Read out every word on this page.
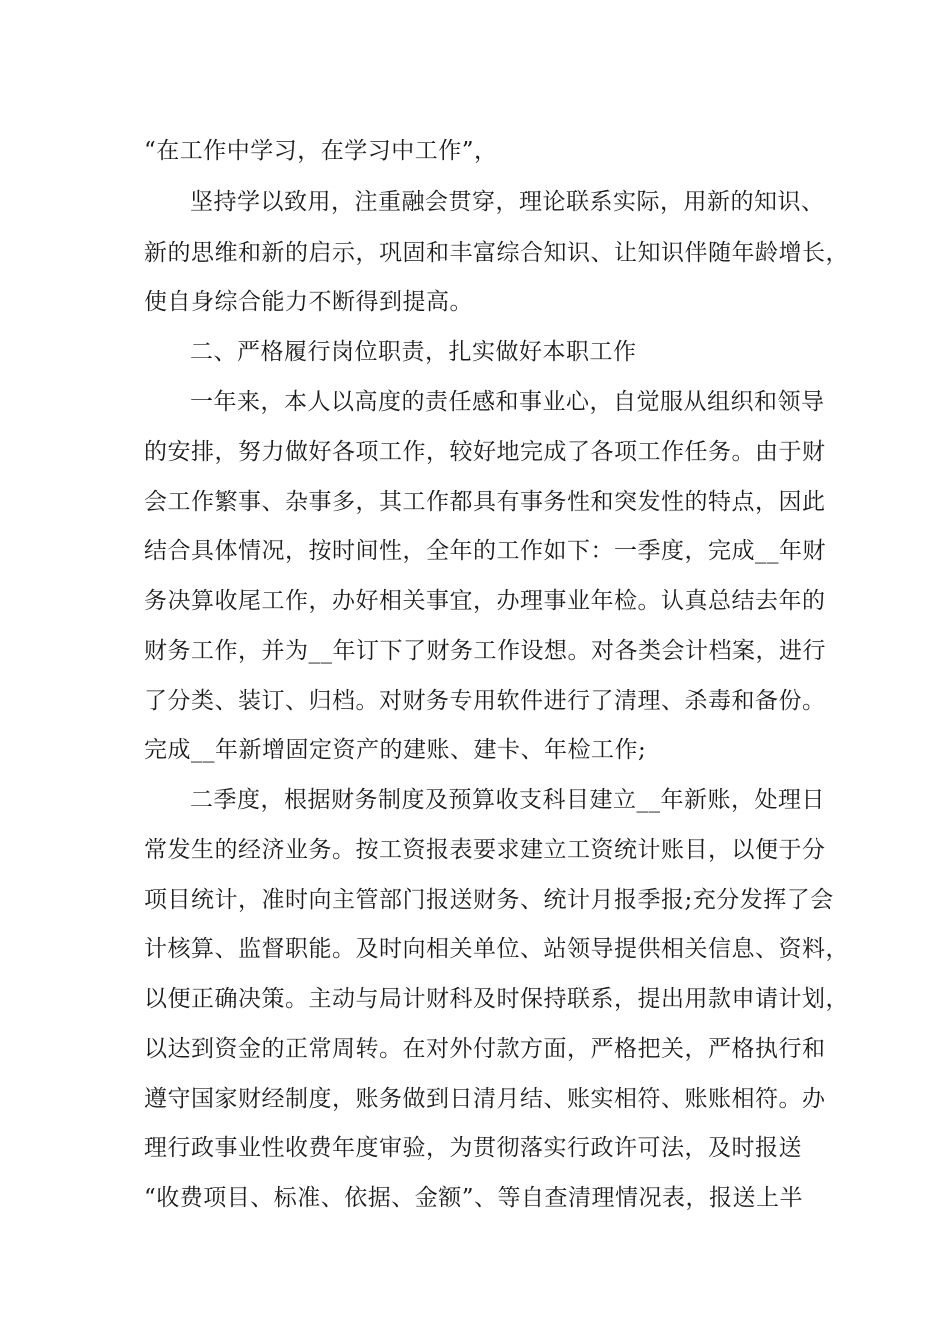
“在工作中学习，在学习中工作”，

坚持学以致用，注重融会贯穿，理论联系实际，用新的知识、

新的思维和新的启示，巩固和丰富综合知识、让知识伴随年龄增长，

使自身综合能力不断得到提高。

二、严格履行岗位职责，扎实做好本职工作

一年来，本人以高度的责任感和事业心，自觉服从组织和领导

的安排，努力做好各项工作，较好地完成了各项工作任务。由于财

会工作繁事、杂事多，其工作都具有事务性和突发性的特点，因此

结合具体情况，按时间性，全年的工作如下：一季度，完成__年财

务决算收尾工作，办好相关事宜，办理事业年检。认真总结去年的

财务工作，并为__年订下了财务工作设想。对各类会计档案，进行

了分类、装订、归档。对财务专用软件进行了清理、杀毒和备份。

完成__年新增固定资产的建账、建卡、年检工作;

二季度，根据财务制度及预算收支科目建立__年新账，处理日

常发生的经济业务。按工资报表要求建立工资统计账目，以便于分

项目统计，准时向主管部门报送财务、统计月报季报;充分发挥了会

计核算、监督职能。及时向相关单位、站领导提供相关信息、资料，

以便正确决策。主动与局计财科及时保持联系，提出用款申请计划，

以达到资金的正常周转。在对外付款方面，严格把关，严格执行和

遵守国家财经制度，账务做到日清月结、账实相符、账账相符。办

理行政事业性收费年度审验，为贯彻落实行政许可法，及时报送

“收费项目、标准、依据、金额”、等自查清理情况表，报送上半
